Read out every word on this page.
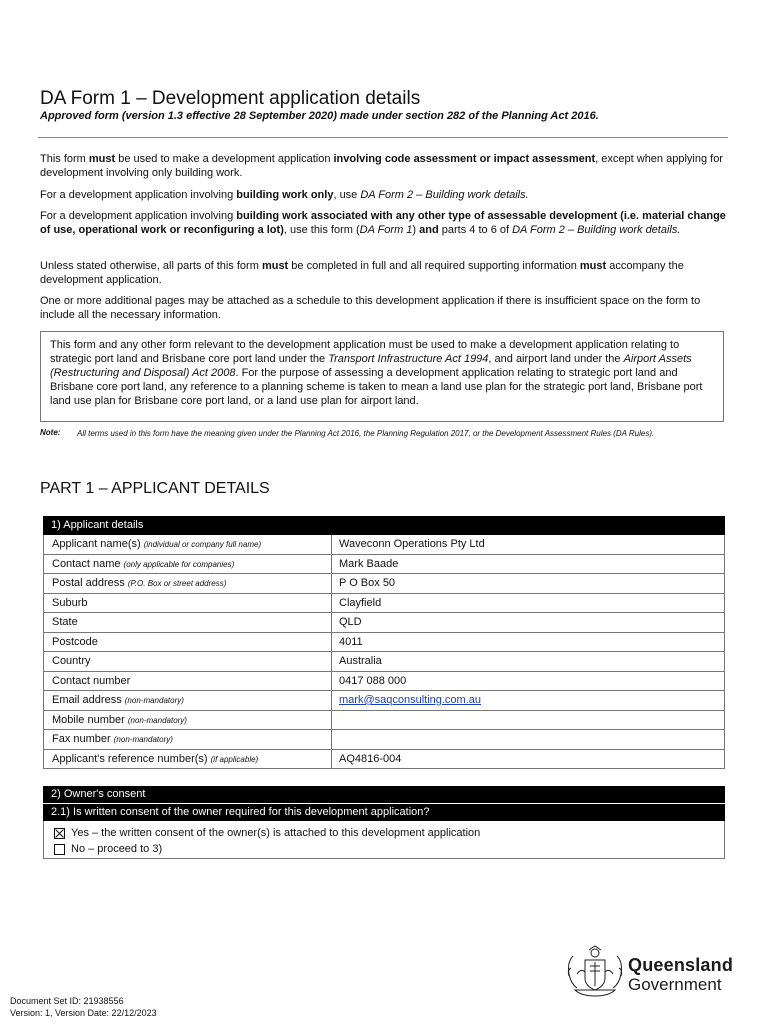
DA Form 1 – Development application details
Approved form (version 1.3 effective 28 September 2020) made under section 282 of the Planning Act 2016.
This form must be used to make a development application involving code assessment or impact assessment, except when applying for development involving only building work.
For a development application involving building work only, use DA Form 2 – Building work details.
For a development application involving building work associated with any other type of assessable development (i.e. material change of use, operational work or reconfiguring a lot), use this form (DA Form 1) and parts 4 to 6 of DA Form 2 – Building work details.
Unless stated otherwise, all parts of this form must be completed in full and all required supporting information must accompany the development application.
One or more additional pages may be attached as a schedule to this development application if there is insufficient space on the form to include all the necessary information.
This form and any other form relevant to the development application must be used to make a development application relating to strategic port land and Brisbane core port land under the Transport Infrastructure Act 1994, and airport land under the Airport Assets (Restructuring and Disposal) Act 2008. For the purpose of assessing a development application relating to strategic port land and Brisbane core port land, any reference to a planning scheme is taken to mean a land use plan for the strategic port land, Brisbane port land use plan for Brisbane core port land, or a land use plan for airport land.
Note: All terms used in this form have the meaning given under the Planning Act 2016, the Planning Regulation 2017, or the Development Assessment Rules (DA Rules).
PART 1 – APPLICANT DETAILS
1) Applicant details
Applicant name(s) (individual or company full name)	Waveconn Operations Pty Ltd
Contact name (only applicable for companies)	Mark Baade
Postal address (P.O. Box or street address)	P O Box 50
Suburb	Clayfield
State	QLD
Postcode	4011
Country	Australia
Contact number	0417 088 000
Email address (non-mandatory)	mark@saqconsulting.com.au
Mobile number (non-mandatory)
Fax number (non-mandatory)
Applicant's reference number(s) (if applicable)	AQ4816-004
2) Owner's consent
2.1) Is written consent of the owner required for this development application?
Yes – the written consent of the owner(s) is attached to this development application
No – proceed to 3)
Document Set ID: 21938556
Version: 1, Version Date: 22/12/2023
Queensland
Government
